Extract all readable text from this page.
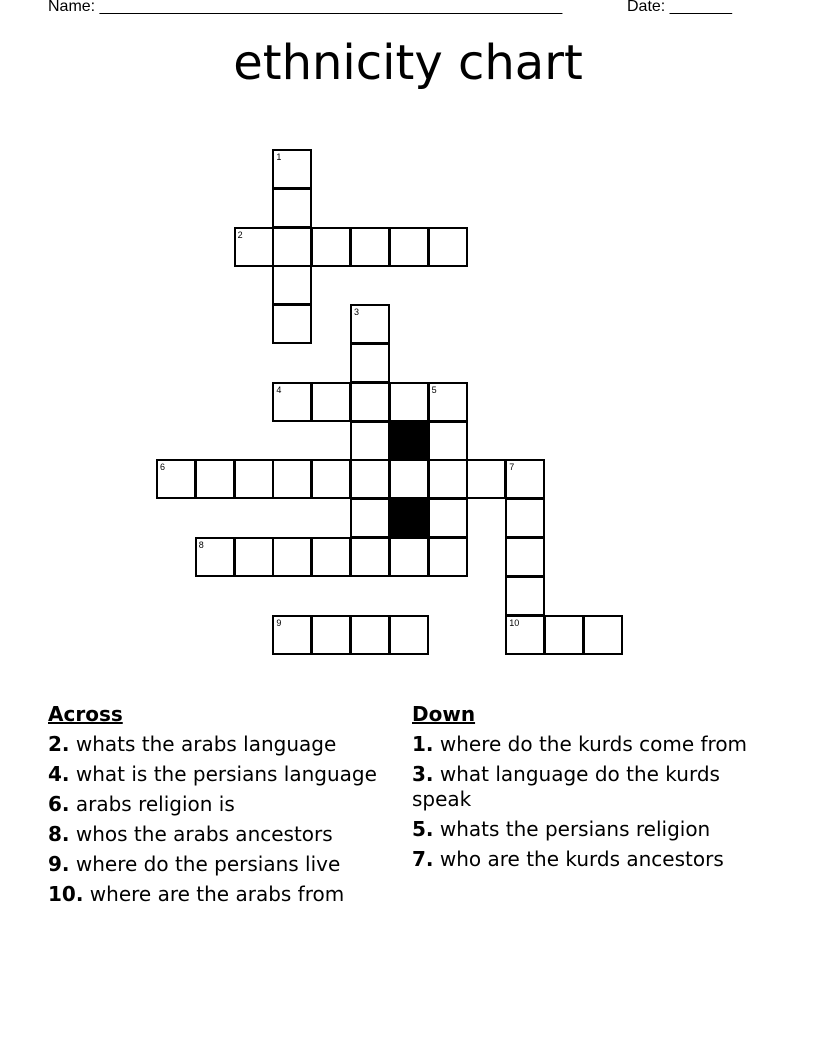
Name: ____________________________________________________	Date: _______
ethnicity chart
1
2
3
4	5
6	7
8
9	10
Across
2. whats the arabs language
4. what is the persians language
6. arabs religion is
8. whos the arabs ancestors
9. where do the persians live
10. where are the arabs from
Down
1. where do the kurds come from
3. what language do the kurds speak
5. whats the persians religion
7. who are the kurds ancestors
